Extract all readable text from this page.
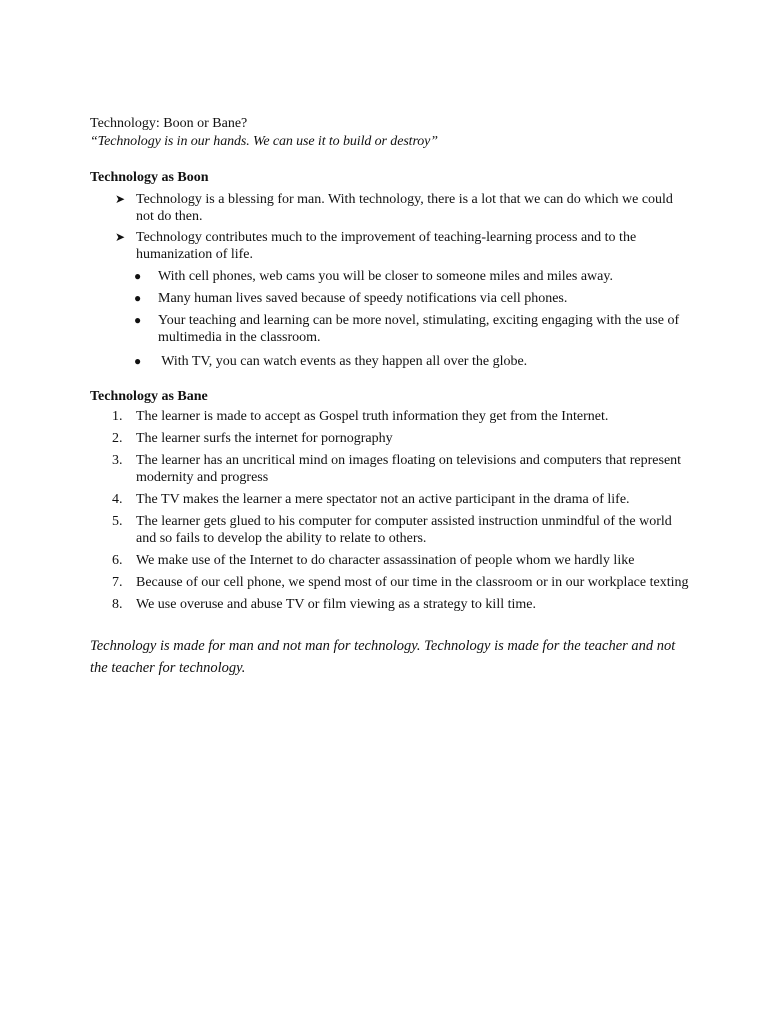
Technology: Boon or Bane?
“Technology is in our hands. We can use it to build or destroy”
Technology as Boon
➤ Technology is a blessing for man. With technology, there is a lot that we can do which we could not do then.
➤ Technology contributes much to the improvement of teaching-learning process and to the humanization of life.
● With cell phones, web cams you will be closer to someone miles and miles away.
● Many human lives saved because of speedy notifications via cell phones.
● Your teaching and learning can be more novel, stimulating, exciting engaging with the use of multimedia in the classroom.
● With TV, you can watch events as they happen all over the globe.
Technology as Bane
1. The learner is made to accept as Gospel truth information they get from the Internet.
2. The learner surfs the internet for pornography
3. The learner has an uncritical mind on images floating on televisions and computers that represent modernity and progress
4. The TV makes the learner a mere spectator not an active participant in the drama of life.
5. The learner gets glued to his computer for computer assisted instruction unmindful of the world and so fails to develop the ability to relate to others.
6. We make use of the Internet to do character assassination of people whom we hardly like
7. Because of our cell phone, we spend most of our time in the classroom or in our workplace texting
8. We use overuse and abuse TV or film viewing as a strategy to kill time.
Technology is made for man and not man for technology. Technology is made for the teacher and not the teacher for technology.
